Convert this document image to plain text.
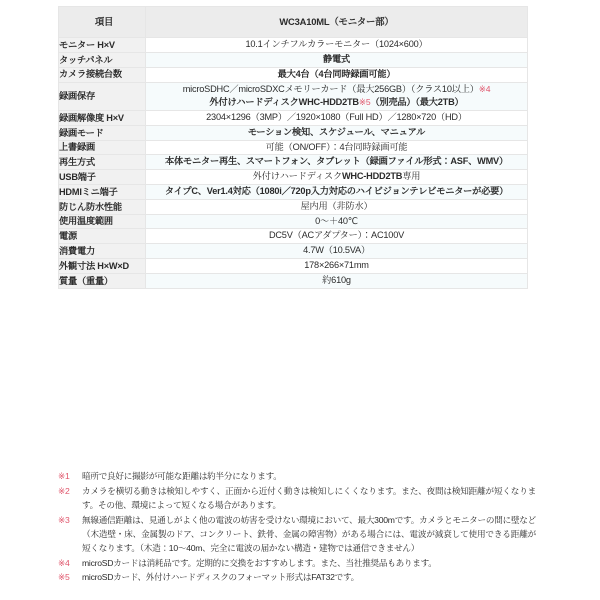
項目	WC3A10ML（モニター部）
モニター H×V	10.1インチフルカラーモニター（1024×600）
タッチパネル	静電式
カメラ接続台数	最大4台（4台同時録画可能）
録画保存	microSDHC／microSDXCメモリーカード（最大256GB）（クラス10以上）※4
外付けハードディスクWHC-HDD2TB※5（別売品）（最大2TB）
録画解像度 H×V	2304×1296（3MP）／1920×1080（Full HD）／1280×720（HD）
録画モード	モーション検知、スケジュール、マニュアル
上書録画	可能（ON/OFF）：4台同時録画可能
再生方式	本体モニター再生、スマートフォン、タブレット（録画ファイル形式：ASF、WMV）
USB端子	外付けハードディスクWHC-HDD2TB専用
HDMIミニ端子	タイプC、Ver1.4対応（1080i／720p入力対応のハイビジョンテレビモニターが必要）
防じん防水性能	屋内用（非防水）
使用温度範囲	0〜＋40℃
電源	DC5V（ACアダプター）：AC100V
消費電力	4.7W（10.5VA）
外観寸法 H×W×D	178×266×71mm
質量（重量）	約610g
※1	暗所で良好に撮影が可能な距離は約半分になります。
※2	カメラを横切る動きは検知しやすく、正面から近付く動きは検知しにくくなります。また、夜間は検知距離が短くなります。その他、環境によって短くなる場合があります。
※3	無線通信距離は、見通しがよく他の電波の妨害を受けない環境において、最大300mです。カメラとモニターの間に壁など（木造壁・床、金属製のドア、コンクリート、鉄骨、金属の障害物）がある場合には、電波が減衰して使用できる距離が短くなります。（木造：10〜40m、完全に電波の届かない構造・建物では通信できません）
※4	microSDカードは消耗品です。定期的に交換をおすすめします。また、当社推奨品もあります。
※5	microSDカード、外付けハードディスクのフォーマット形式はFAT32です。
